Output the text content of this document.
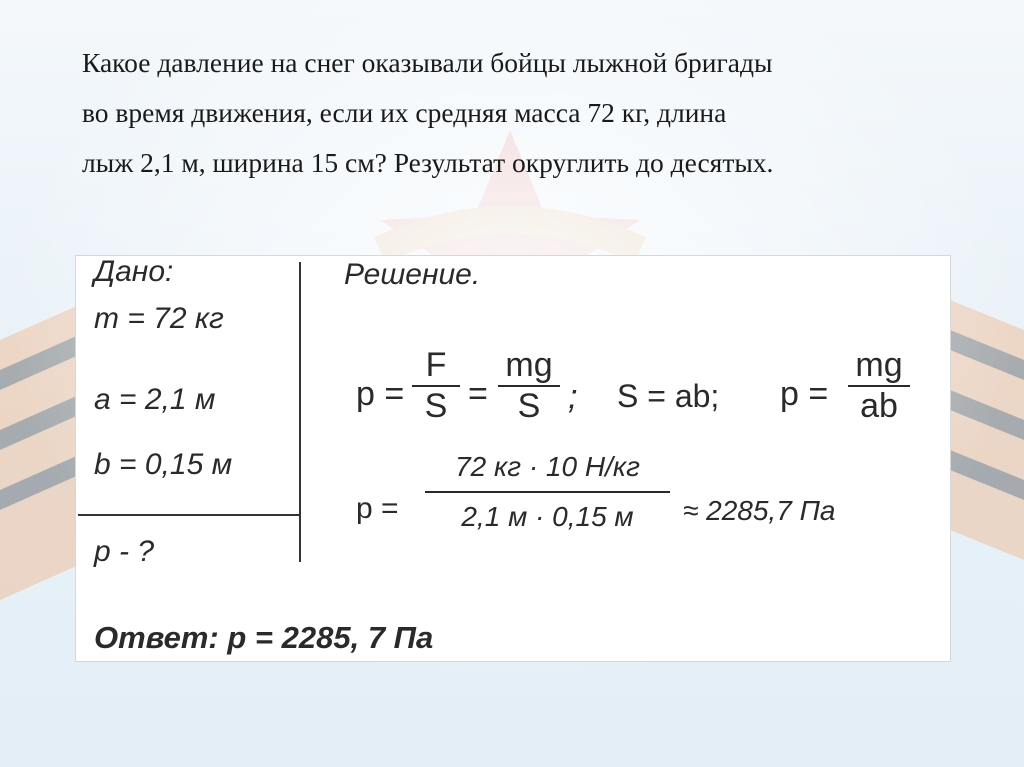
Какое давление на снег оказывали бойцы лыжной бригады
во время движения, если их средняя масса 72 кг, длина
лыж 2,1 м, ширина 15 см? Результат округлить до десятых.
Дано:
m = 72 кг
a = 2,1 м
b = 0,15 м
p - ?
Решение.
p =
F
S =
mg
S ; S = ab; p =
mg
ab
p =
72 кг · 10 Н/кг
2,1 м · 0,15 м ≈ 2285,7 Па
Ответ: p = 2285, 7 Па
